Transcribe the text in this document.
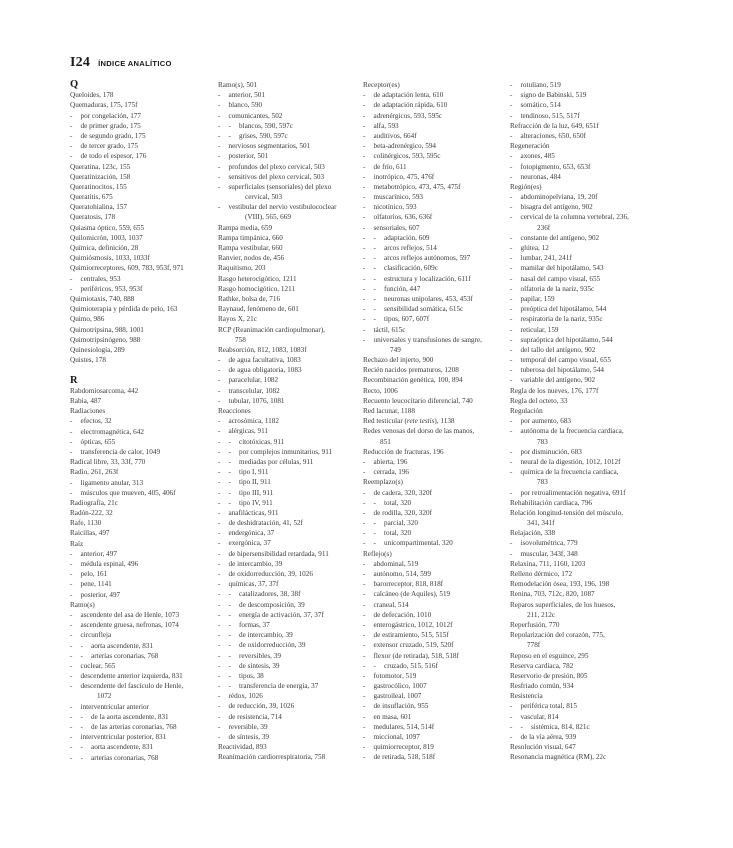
I24 ÍNDICE ANALÍTICO
Q
Queloides, 178
Quemaduras, 175, 175f
-	por congelación, 177
-	de primer grado, 175
-	de segundo grado, 175
-	de tercer grado, 175
-	de todo el espesor, 176
Queratina, 123c, 155
Queratinización, 158
Queratinocitos, 155
Queratitis, 675
Queratohialina, 157
Queratosis, 178
Quiasma óptico, 559, 655
Quilomicrón, 1003, 1037
Química, definición, 28
Quimiósmosis, 1033, 1033f
Quimiorreceptores, 609, 783, 953f, 971
-	centrales, 953
-	periféricos, 953, 953f
Quimiotaxis, 740, 888
Quimioterapia y pérdida de pelo, 163
Quimo, 986
Quimotripsina, 988, 1001
Quimotripsinógeno, 988
Quinesiología, 289
Quistes, 178
R
Rabdomiosarcoma, 442
Rabia, 487
Radiaciones
-	efectos, 32
-	electromagnética, 642
-	ópticas, 655
-	transferencia de calor, 1049
Radical libre, 33, 33f, 770
Radio, 261, 263f
-	ligamento anular, 313
-	músculos que mueven, 405, 406f
Radiografía, 21c
Radón-222, 32
Rafe, 1130
Raicillas, 497
Raíz
-	anterior, 497
-	médula espinal, 496
-	pelo, 161
-	pene, 1141
-	posterior, 497
Ramo(s)
-	ascendente del asa de Henle, 1073
-	ascendente gruesa, nefronas, 1074
-	circunfleja
-	-	aorta ascendente, 831
-	-	arterias coronarias, 768
-	coclear, 565
-	descendente anterior izquierda, 831
-	descendente del fascículo de Henle,
1072
-	interventricular anterior
-	-	de la aorta ascendente, 831
-	-	de las arterias coronarias, 768
-	interventricular posterior, 831
-	-	aorta ascendente, 831
-	-	arterias coronarias, 768
Ramo(s), 501
-	anterior, 501
-	blanco, 590
-	comunicantes, 502
-	-	blancos, 590, 597c
-	-	grises, 590, 597c
-	nerviosos segmentarios, 501
-	posterior, 501
-	profundos del plexo cervical, 503
-	sensitivos del plexo cervical, 503
-	superficiales (sensoriales) del plexo
cervical, 503
-	vestibular del nervio vestibulococlear
(VIII), 565, 669
Rampa media, 659
Rampa timpánica, 660
Rampa vestibular, 660
Ranvier, nodos de, 456
Raquitismo, 203
Rasgo heterocigótico, 1211
Rasgo homocigótico, 1211
Rathke, bolsa de, 716
Raynaud, fenómeno de, 601
Rayos X, 21c
RCP (Reanimación cardiopulmonar),
758
Reabsorción, 812, 1083, 1083f
-	de agua facultativa, 1083
-	de agua obligatoria, 1083
-	paracelular, 1082
-	transcelular, 1082
-	tubular, 1076, 1081
Reacciones
-	acrosómica, 1182
-	alérgicas, 911
-	-	citotóxicas, 911
-	-	por complejos inmunitarios, 911
-	-	mediadas por células, 911
-	-	tipo I, 911
-	-	tipo II, 911
-	-	tipo III, 911
-	-	tipo IV, 911
-	anafilácticas, 911
-	de deshidratación, 41, 52f
-	endergónica, 37
-	exergónica, 37
-	de hipersensibilidad retardada, 911
-	de intercambio, 39
-	de oxidorreducción, 39, 1026
-	químicas, 37, 37f
-	-	catalizadores, 38, 38f
-	-	de descomposición, 39
-	-	energía de activación, 37, 37f
-	-	formas, 37
-	-	de intercambio, 39
-	-	de oxidorreducción, 39
-	-	reversibles, 39
-	-	de síntesis, 39
-	-	tipos, 38
-	-	transferencia de energía, 37
-	rédox, 1026
-	de reducción, 39, 1026
-	de resistencia, 714
-	reversible, 39
-	de síntesis, 39
Reactividad, 893
Reanimación cardiorrespiratoria, 758
Receptor(es)
-	de adaptación lenta, 610
-	de adaptación rápida, 610
-	adrenérgicos, 593, 595c
-	alfa, 593
-	auditivos, 664f
-	beta-adrenérgico, 594
-	colinérgicos, 593, 595c
-	de frío, 611
-	inotrópico, 475, 476f
-	metabotrópico, 473, 475, 475f
-	muscarínico, 593
-	nicotínico, 593
-	olfatorios, 636, 636f
-	sensoriales, 607
-	-	adaptación, 609
-	-	arcos reflejos, 514
-	-	arcos reflejos autónomos, 597
-	-	clasificación, 609c
-	-	estructura y localización, 611f
-	-	función, 447
-	-	neuronas unipolares, 453, 453f
-	-	sensibilidad somática, 615c
-	-	tipos, 607, 607f
-	táctil, 615c
-	universales y transfusiones de sangre,
749
Rechazo del injerto, 900
Recién nacidos prematuros, 1208
Recombinación genética, 100, 894
Recto, 1006
Recuento leucocitario diferencial, 740
Red lacunar, 1188
Red testicular (rete testis), 1138
Redes venosas del dorso de las manos,
851
Reducción de fracturas, 196
-	abierta, 196
-	cerrada, 196
Reemplazo(s)
-	de cadera, 320, 320f
-	-	total, 320
-	de rodilla, 320, 320f
-	-	parcial, 320
-	-	total, 320
-	-	unicompartimental, 320
Reflejo(s)
-	abdominal, 519
-	autónomo, 514, 599
-	barorreceptor, 818, 818f
-	calcáneo (de Aquiles), 519
-	craneal, 514
-	de defecación, 1010
-	enterogástrico, 1012, 1012f
-	de estiramiento, 515, 515f
-	extensor cruzado, 519, 520f
-	flexor (de retirada), 518, 518f
-	-	cruzado, 515, 516f
-	fotomotor, 519
-	gastrocólico, 1007
-	gastroileal, 1007
-	de insuflación, 955
-	en masa, 601
-	medulares, 514, 514f
-	miccional, 1097
-	quimiorreceptor, 819
-	de retirada, 518, 518f
-	rotuliano, 519
-	signo de Babinski, 519
-	somático, 514
-	tendinoso, 515, 517f
Refracción de la luz, 649, 651f
-	alteraciones, 650, 650f
Regeneración
-	axones, 485
-	fotopigmento, 653, 653f
-	neuronas, 484
Región(es)
-	abdominopelviana, 19, 20f
-	bisagra del antígeno, 902
-	cervical de la columna vertebral, 236,
236f
-	constante del antígeno, 902
-	glútea, 12
-	lumbar, 241, 241f
-	mamilar del hipotálamo, 543
-	nasal del campo visual, 655
-	olfatoria de la nariz, 935c
-	papilar, 159
-	preóptica del hipotálamo, 544
-	respiratoria de la nariz, 935c
-	reticular, 159
-	supraóptica del hipotálamo, 544
-	del tallo del antígeno, 902
-	temporal del campo visual, 655
-	tuberosa del hipotálamo, 544
-	variable del antígeno, 902
Regla de los nueves, 176, 177f
Regla del octeto, 33
Regulación
-	por aumento, 683
-	autónoma de la frecuencia cardíaca,
783
-	por disminución, 683
-	neural de la digestión, 1012, 1012f
-	química de la frecuencia cardíaca,
783
-	por retroalimentación negativa, 691f
Rehabilitación cardíaca, 796
Relación longitud-tensión del músculo,
341, 341f
Relajación, 338
-	isovolumétrica, 779
-	muscular, 343f, 348
Relaxina, 711, 1160, 1203
Relleno dérmico, 172
Remodelación ósea, 193, 196, 198
Renina, 703, 712c, 820, 1087
Reparos superficiales, de los huesos,
211, 212c
Reperfusión, 770
Repolarización del corazón, 775,
778f
Reposo en el esguince, 295
Reserva cardíaca, 782
Reservorio de presión, 805
Resfriado común, 934
Resistencia
-	periférica total, 815
-	vascular, 814
-	-	sistémica, 814, 821c
-	de la vía aérea, 939
Resolución visual, 647
Resonancia magnética (RM), 22c
